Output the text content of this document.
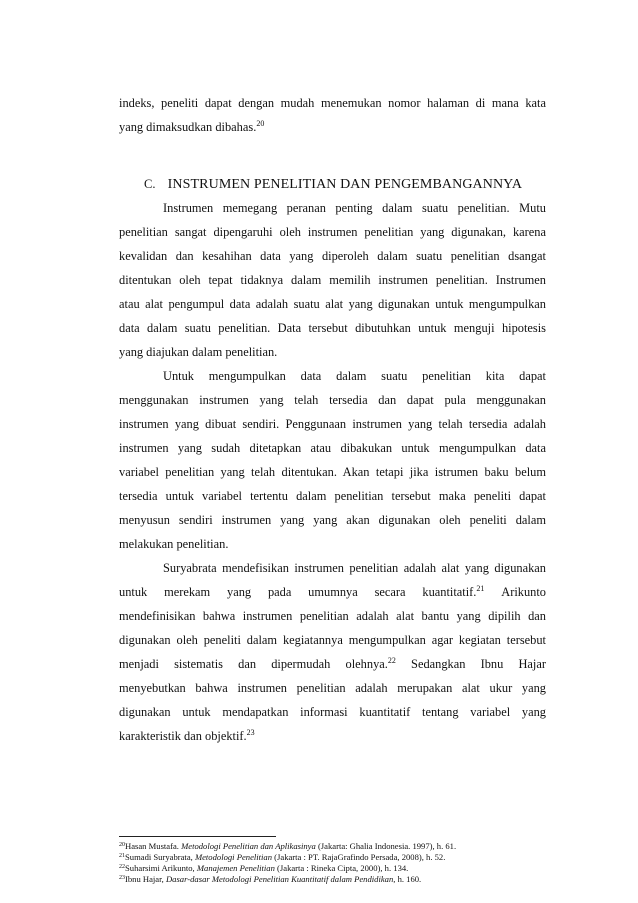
indeks, peneliti dapat dengan mudah menemukan nomor halaman di mana kata
yang dimaksudkan dibahas.$^{20}$
C. INSTRUMEN PENELITIAN DAN PENGEMBANGANNYA
Instrumen memegang peranan penting dalam suatu penelitian. Mutu
penelitian sangat dipengaruhi oleh instrumen penelitian yang digunakan, karena
kevalidan dan kesahihan data yang diperoleh dalam suatu penelitian dsangat
ditentukan oleh tepat tidaknya dalam memilih instrumen penelitian. Instrumen
atau alat pengumpul data adalah suatu alat yang digunakan untuk mengumpulkan
data dalam suatu penelitian. Data tersebut dibutuhkan untuk menguji hipotesis
yang diajukan dalam penelitian.
Untuk mengumpulkan data dalam suatu penelitian kita dapat
menggunakan instrumen yang telah tersedia dan dapat pula menggunakan
instrumen yang dibuat sendiri. Penggunaan instrumen yang telah tersedia adalah
instrumen yang sudah ditetapkan atau dibakukan untuk mengumpulkan data
variabel penelitian yang telah ditentukan. Akan tetapi jika istrumen baku belum
tersedia untuk variabel tertentu dalam penelitian tersebut maka peneliti dapat
menyusun sendiri instrumen yang yang akan digunakan oleh peneliti dalam
melakukan penelitian.
Suryabrata mendefisikan instrumen penelitian adalah alat yang digunakan
untuk merekam yang pada umumnya secara kuantitatif.$^{21}$ Arikunto
mendefinisikan bahwa instrumen penelitian adalah alat bantu yang dipilih dan
digunakan oleh peneliti dalam kegiatannya mengumpulkan agar kegiatan tersebut
menjadi sistematis dan dipermudah olehnya.$^{22}$ Sedangkan Ibnu Hajar
menyebutkan bahwa instrumen penelitian adalah merupakan alat ukur yang
digunakan untuk mendapatkan informasi kuantitatif tentang variabel yang
karakteristik dan objektif.$^{23}$
$^{20}$Hasan Mustafa. Metodologi Penelitian dan Aplikasinya (Jakarta: Ghalia Indonesia. 1997), h. 61.
$^{21}$Sumadi Suryabrata, Metodologi Penelitian (Jakarta : PT. RajaGrafindo Persada, 2008), h. 52.
$^{22}$Suharsimi Arikunto, Manajemen Penelitian (Jakarta : Rineka Cipta, 2000), h. 134.
$^{23}$Ibnu Hajar, Dasar-dasar Metodologi Penelitian Kuantitatif dalam Pendidikan, h. 160.
